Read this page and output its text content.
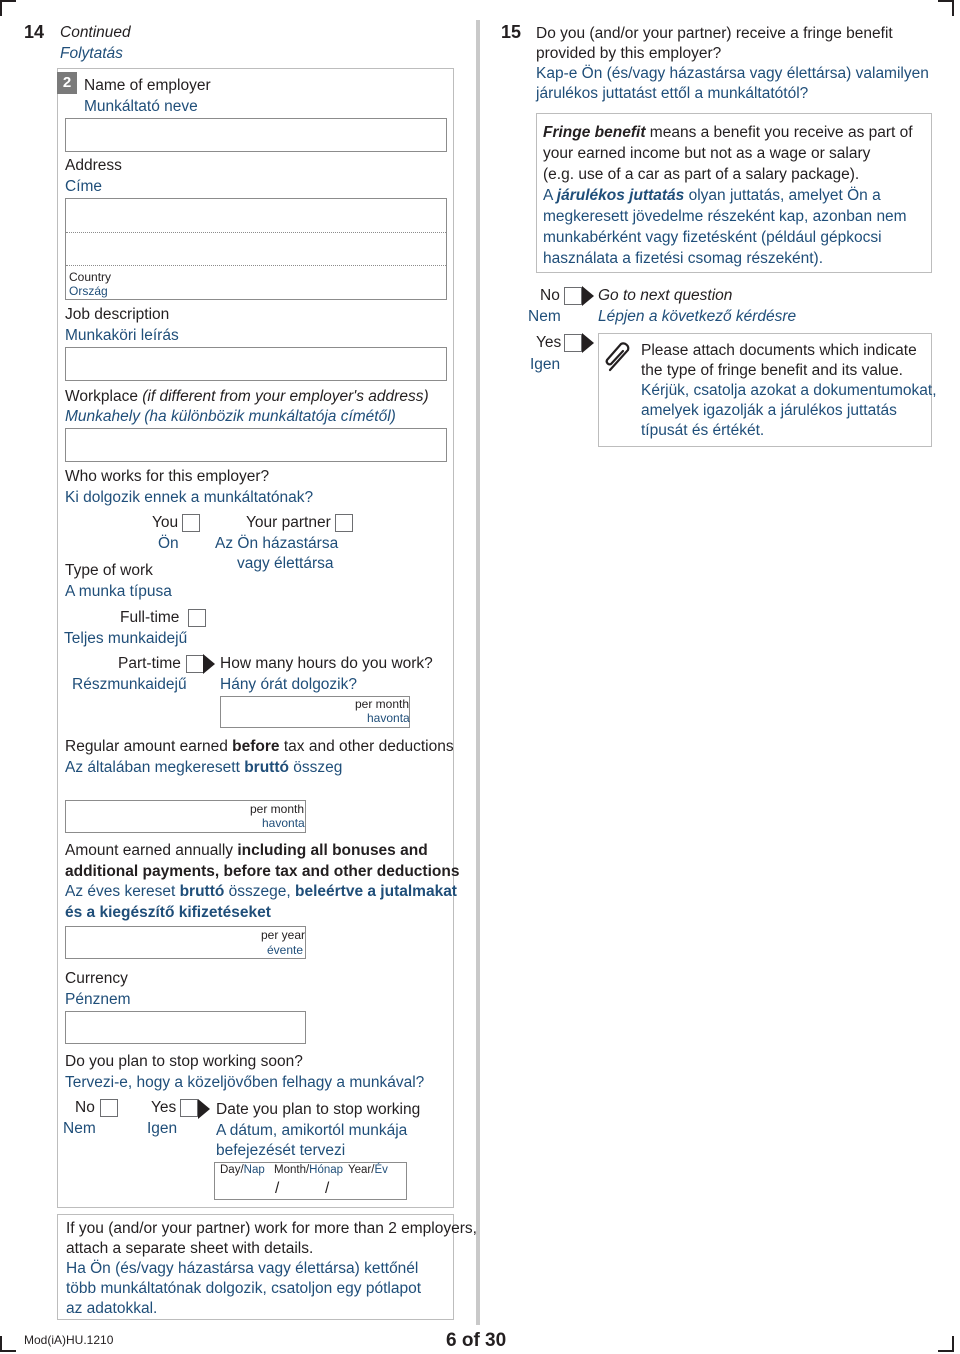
14 Continued
Folytatás
2 Name of employer
Munkáltató neve
Address
Címe
Country
Ország
Job description
Munkaköri leírás
Workplace (if different from your employer's address)
Munkahely (ha különbözik munkáltatója címétől)
Who works for this employer?
Ki dolgozik ennek a munkáltatónak?
You
Ön
Your partner
Az Ön házastársa
vagy élettársa
Type of work
A munka típusa
Full-time
Teljes munkaidejű
Part-time
Részmunkaidejű
How many hours do you work?
Hány órát dolgozik?
per month
havonta
Regular amount earned before tax and other deductions
Az általában megkeresett bruttó összeg
per month
havonta
Amount earned annually including all bonuses and
additional payments, before tax and other deductions
Az éves kereset bruttó összege, beleértve a jutalmakat
és a kiegészítő kifizetéseket
per year
évente
Currency
Pénznem
Do you plan to stop working soon?
Tervezi-e, hogy a közeljövőben felhagy a munkával?
No
Nem
Yes
Igen
Date you plan to stop working
A dátum, amikortól munkája
befejezését tervezi
Day/Nap Month/Hónap Year/Év
/	/
If you (and/or your partner) work for more than 2 employers,
attach a separate sheet with details.
Ha Ön (és/vagy házastársa vagy élettársa) kettőnél
több munkáltatónak dolgozik, csatoljon egy pótlapot
az adatokkal.
15 Do you (and/or your partner) receive a fringe benefit
provided by this employer?
Kap-e Ön (és/vagy házastársa vagy élettársa) valamilyen
járulékos juttatást ettől a munkáltatótól?
Fringe benefit means a benefit you receive as part of
your earned income but not as a wage or salary
(e.g. use of a car as part of a salary package).
A járulékos juttatás olyan juttatás, amelyet Ön a
megkeresett jövedelme részeként kap, azonban nem
munkabérként vagy fizetésként (például gépkocsi
használata a fizetési csomag részeként).
No
Nem
Go to next question
Lépjen a következő kérdésre
Yes
Igen
Please attach documents which indicate
the type of fringe benefit and its value.
Kérjük, csatolja azokat a dokumentumokat,
amelyek igazolják a járulékos juttatás
típusát és értékét.
Mod(iA)HU.1210	6 of 30
